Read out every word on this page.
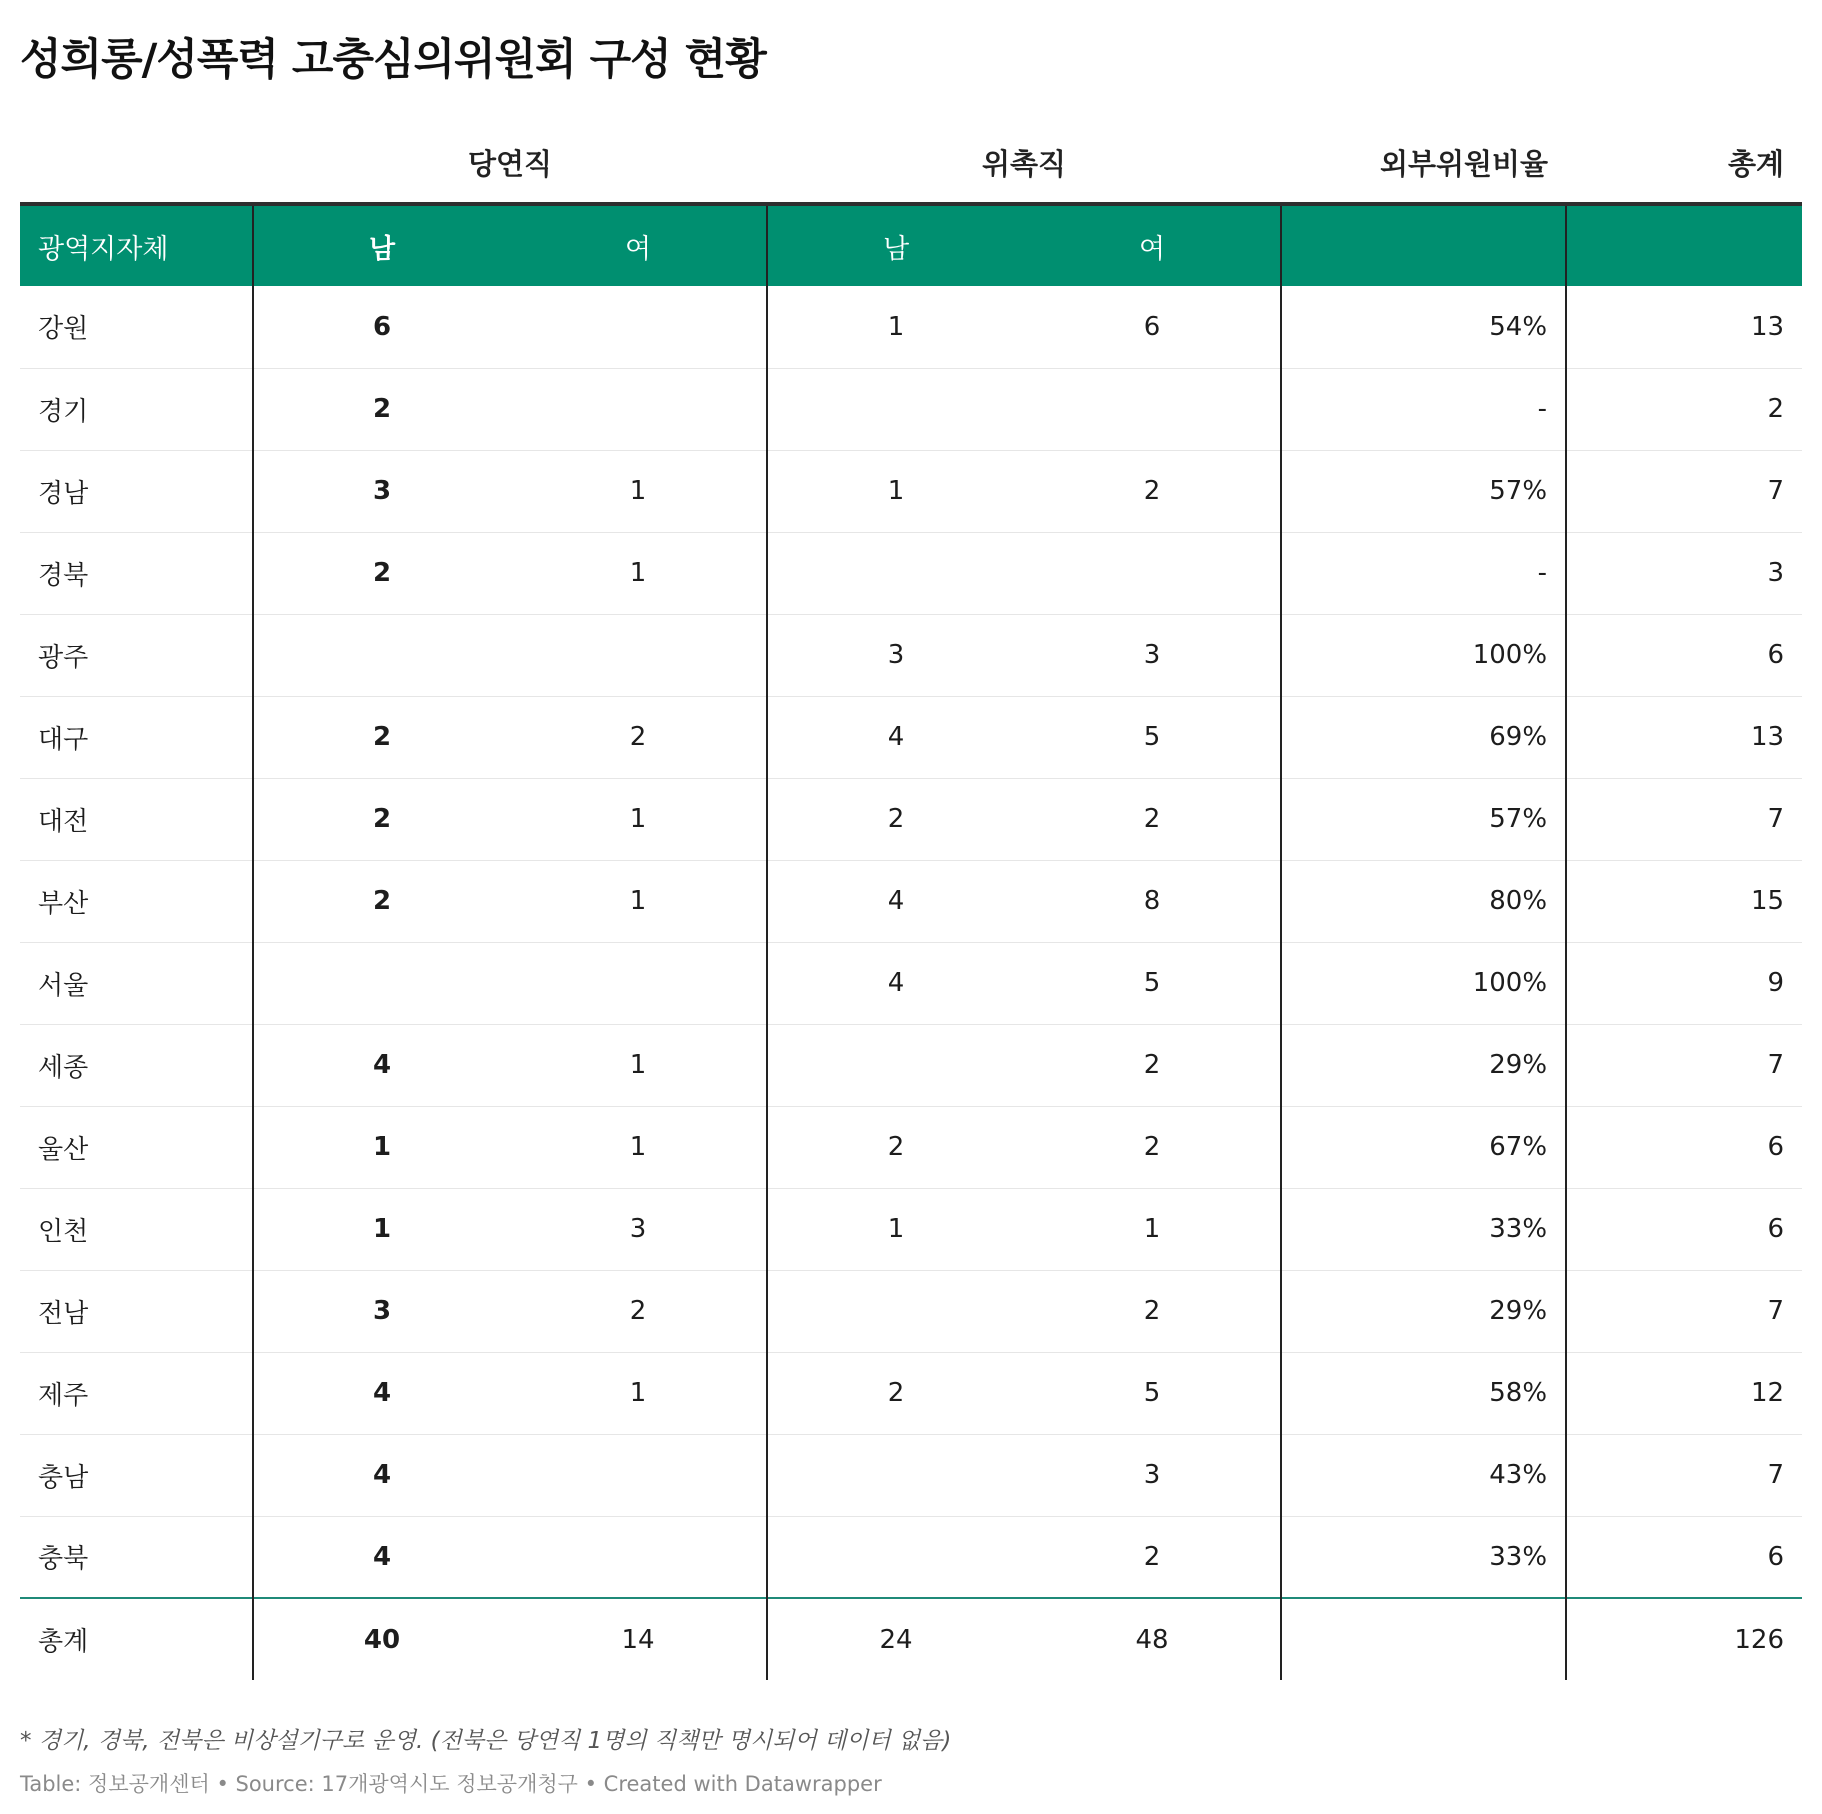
성희롱/성폭력 고충심의위원회 구성 현황
	당연직		위촉직		외부위원비율	총계
광역지자체	남	여	남	여		
강원	6		1	6	54%	13
경기	2				-	2
경남	3	1	1	2	57%	7
경북	2	1			-	3
광주			3	3	100%	6
대구	2	2	4	5	69%	13
대전	2	1	2	2	57%	7
부산	2	1	4	8	80%	15
서울			4	5	100%	9
세종	4	1		2	29%	7
울산	1	1	2	2	67%	6
인천	1	3	1	1	33%	6
전남	3	2		2	29%	7
제주	4	1	2	5	58%	12
충남	4			3	43%	7
충북	4			2	33%	6
총계	40	14	24	48		126

* 경기, 경북, 전북은 비상설기구로 운영. (전북은 당연직 1명의 직책만 명시되어 데이터 없음)

Table: 정보공개센터 • Source: 17개광역시도 정보공개청구 • Created with Datawrapper
